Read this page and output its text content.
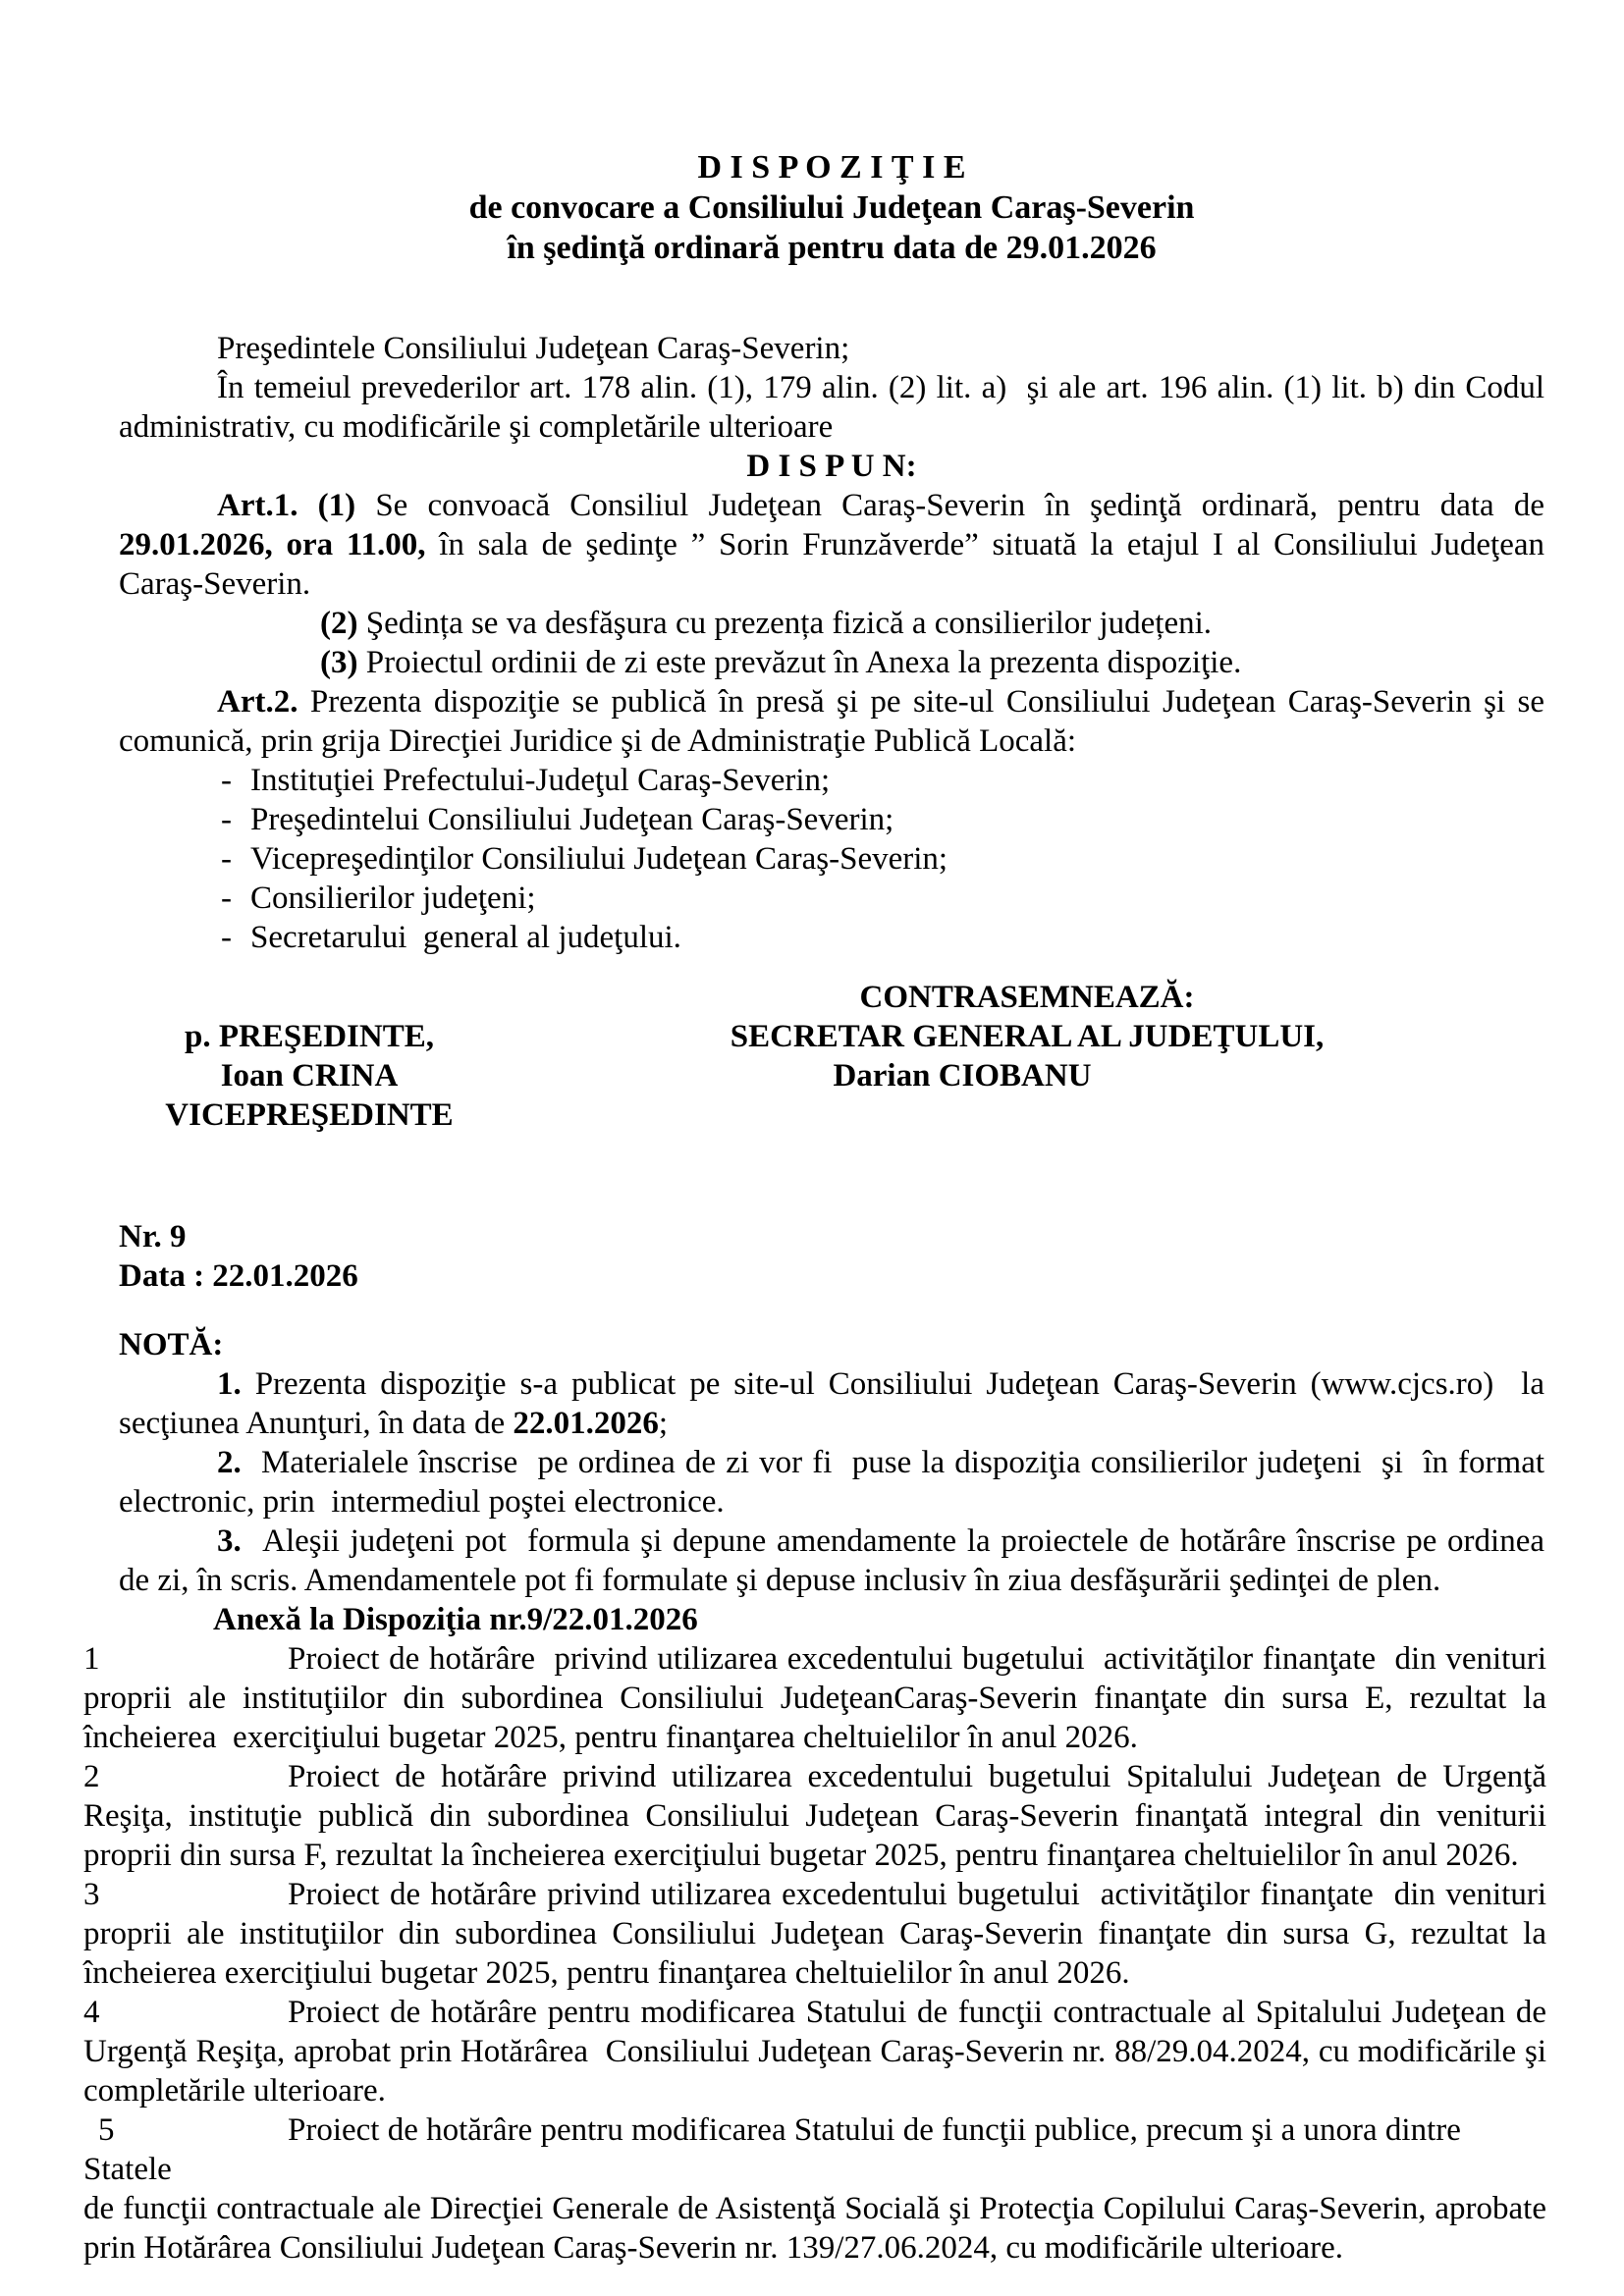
D I S P O Z I Ţ I E
de convocare a Consiliului Judeţean Caraş-Severin
în şedinţă ordinară pentru data de 29.01.2026

Preşedintele Consiliului Judeţean Caraş-Severin;

În temeiul prevederilor art. 178 alin. (1), 179 alin. (2) lit. a)  şi ale art. 196 alin. (1) lit. b) din Codul administrativ, cu modificările şi completările ulterioare

D I S P U N:

Art.1. (1) Se convoacă Consiliul Judeţean Caraş-Severin în şedinţă ordinară, pentru data de 29.01.2026, ora 11.00, în sala de şedinţe ” Sorin Frunzăverde” situată la etajul I al Consiliului Judeţean Caraş-Severin.

(2) Şedința se va desfăşura cu prezența fizică a consilierilor județeni.

(3) Proiectul ordinii de zi este prevăzut în Anexa la prezenta dispoziţie.

Art.2. Prezenta dispoziţie se publică în presă şi pe site-ul Consiliului Judeţean Caraş-Severin şi se comunică, prin grija Direcţiei Juridice şi de Administraţie Publică Locală:

- Instituţiei Prefectului-Judeţul Caraş-Severin;

- Preşedintelui Consiliului Judeţean Caraş-Severin;

- Vicepreşedinţilor Consiliului Judeţean Caraş-Severin;

- Consilierilor judeţeni;

- Secretarului  general al judeţului.

p. PREŞEDINTE,
Ioan CRINA
VICEPREŞEDINTE
CONTRASEMNEAZĂ:
SECRETAR GENERAL AL JUDEŢULUI,
Darian CIOBANU

Nr. 9

Data : 22.01.2026

NOTĂ:

1. Prezenta dispoziţie s-a publicat pe site-ul Consiliului Judeţean Caraş-Severin (www.cjcs.ro)  la secţiunea Anunţuri, în data de 22.01.2026;

2.  Materialele înscrise  pe ordinea de zi vor fi  puse la dispoziţia consilierilor judeţeni  şi  în format electronic, prin  intermediul poştei electronice.

3.  Aleşii judeţeni pot  formula şi depune amendamente la proiectele de hotărâre înscrise pe ordinea de zi, în scris. Amendamentele pot fi formulate şi depuse inclusiv în ziua desfăşurării şedinţei de plen.

Anexă la Dispoziţia nr.9/22.01.2026

1	Proiect de hotărâre  privind utilizarea excedentului bugetului  activităţilor finanţate  din venituri proprii ale instituţiilor din subordinea Consiliului JudeţeanCaraş-Severin finanţate din sursa E, rezultat la încheierea  exerciţiului bugetar 2025, pentru finanţarea cheltuielilor în anul 2026.

2	Proiect de hotărâre privind utilizarea excedentului bugetului Spitalului Judeţean de Urgenţă Reşiţa, instituţie publică din subordinea Consiliului Judeţean Caraş-Severin finanţată integral din veniturii proprii din sursa F, rezultat la încheierea exerciţiului bugetar 2025, pentru finanţarea cheltuielilor în anul 2026.

3	Proiect de hotărâre privind utilizarea excedentului bugetului  activităţilor finanţate  din venituri proprii ale instituţiilor din subordinea Consiliului Judeţean Caraş-Severin finanţate din sursa G, rezultat la încheierea exerciţiului bugetar 2025, pentru finanţarea cheltuielilor în anul 2026.

4	Proiect de hotărâre pentru modificarea Statului de funcţii contractuale al Spitalului Judeţean de Urgenţă Reşiţa, aprobat prin Hotărârea  Consiliului Judeţean Caraş-Severin nr. 88/29.04.2024, cu modificările şi completările ulterioare.

5	Proiect de hotărâre pentru modificarea Statului de funcţii publice, precum şi a unora dintre Statele

de funcţii contractuale ale Direcţiei Generale de Asistenţă Socială şi Protecţia Copilului Caraş-Severin, aprobate prin Hotărârea Consiliului Judeţean Caraş-Severin nr. 139/27.06.2024, cu modificările ulterioare.
